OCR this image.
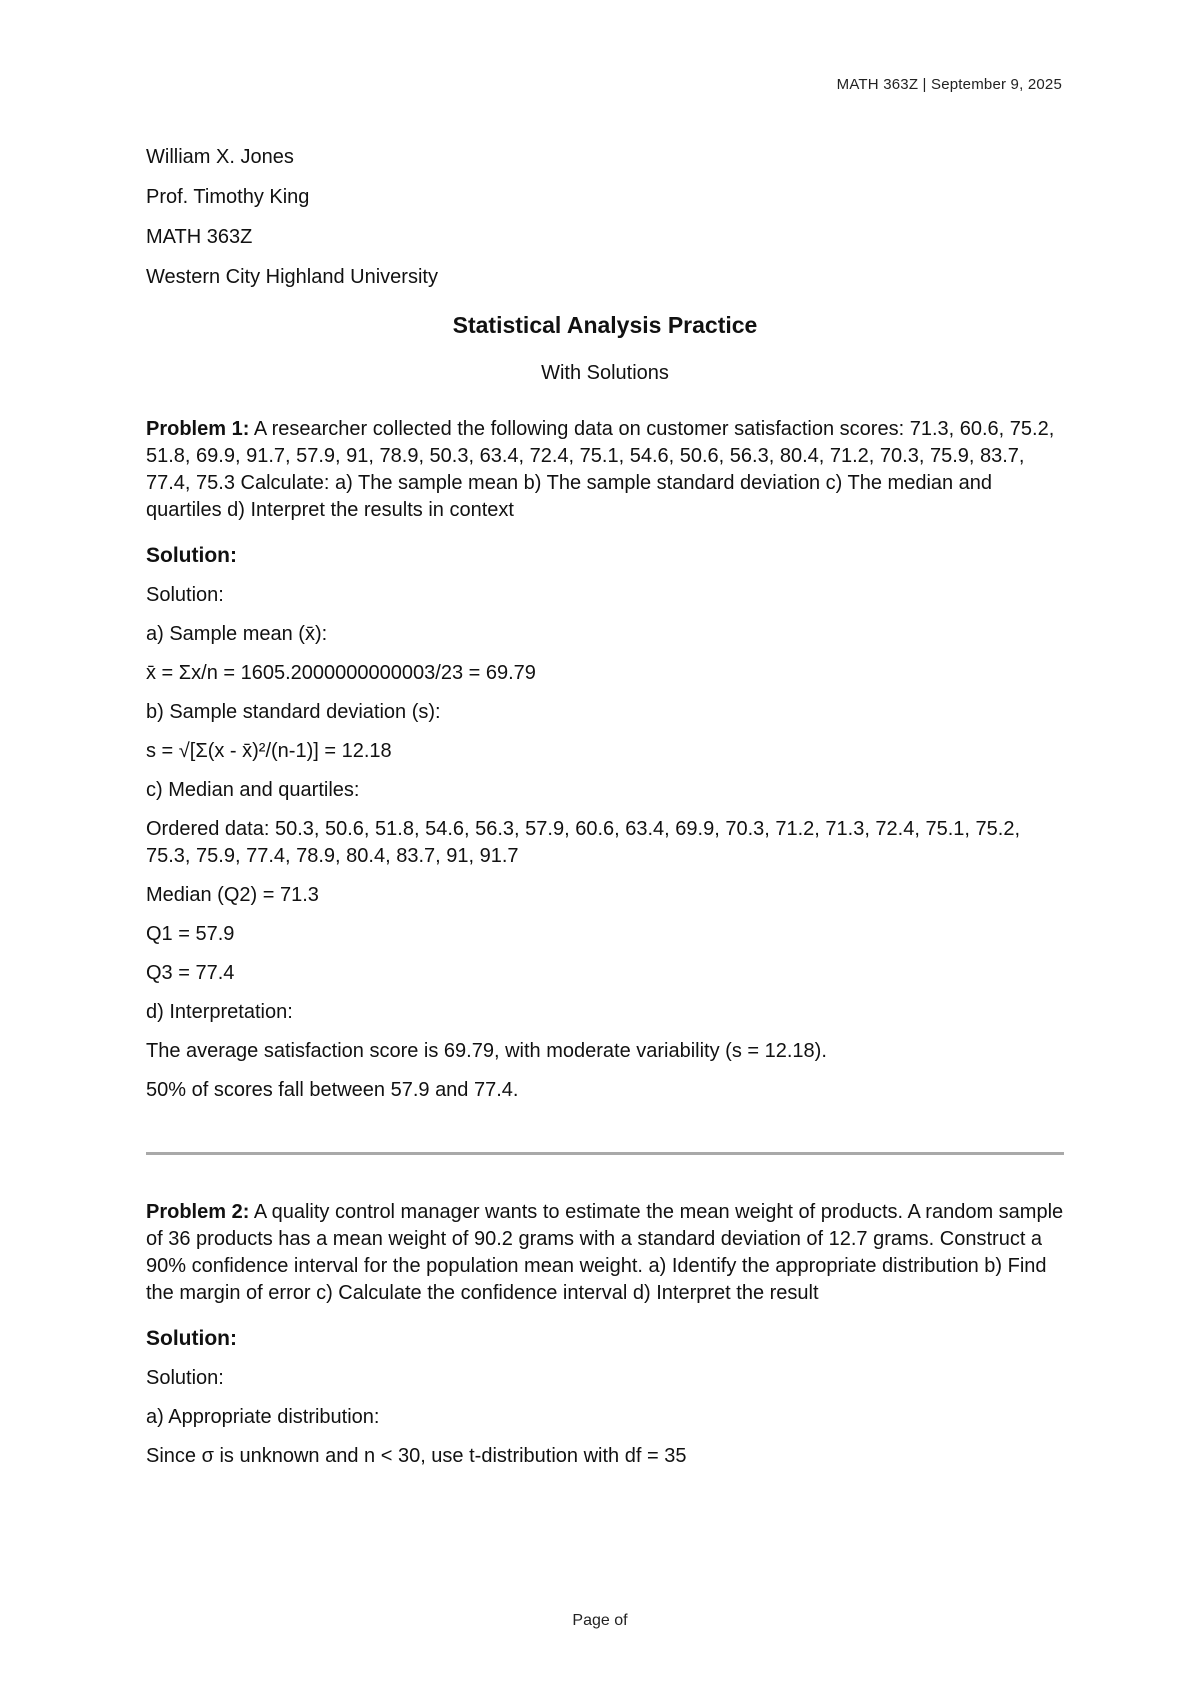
MATH 363Z | September 9, 2025
William X. Jones
Prof. Timothy King
MATH 363Z
Western City Highland University
Statistical Analysis Practice
With Solutions
Problem 1: A researcher collected the following data on customer satisfaction scores: 71.3, 60.6, 75.2, 51.8, 69.9, 91.7, 57.9, 91, 78.9, 50.3, 63.4, 72.4, 75.1, 54.6, 50.6, 56.3, 80.4, 71.2, 70.3, 75.9, 83.7, 77.4, 75.3 Calculate: a) The sample mean b) The sample standard deviation c) The median and quartiles d) Interpret the results in context
Solution:
Solution:
a) Sample mean (x̄):
x̄ = Σx/n = 1605.2000000000003/23 = 69.79
b) Sample standard deviation (s):
s = √[Σ(x - x̄)²/(n-1)] = 12.18
c) Median and quartiles:
Ordered data: 50.3, 50.6, 51.8, 54.6, 56.3, 57.9, 60.6, 63.4, 69.9, 70.3, 71.2, 71.3, 72.4, 75.1, 75.2, 75.3, 75.9, 77.4, 78.9, 80.4, 83.7, 91, 91.7
Median (Q2) = 71.3
Q1 = 57.9
Q3 = 77.4
d) Interpretation:
The average satisfaction score is 69.79, with moderate variability (s = 12.18).
50% of scores fall between 57.9 and 77.4.
Problem 2: A quality control manager wants to estimate the mean weight of products. A random sample of 36 products has a mean weight of 90.2 grams with a standard deviation of 12.7 grams. Construct a 90% confidence interval for the population mean weight. a) Identify the appropriate distribution b) Find the margin of error c) Calculate the confidence interval d) Interpret the result
Solution:
Solution:
a) Appropriate distribution:
Since σ is unknown and n < 30, use t-distribution with df = 35
Page of
